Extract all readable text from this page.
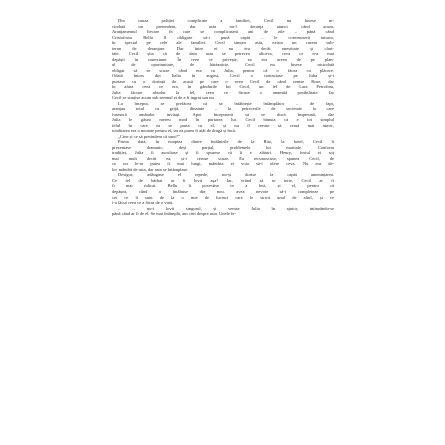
Din cauza poliției complicate a familiei, Cecil nu fusese ni-
ciodată un pretendent, dar asta nu-l deranja atunci când acum,
Aranjamentul fiecare în care se complicaseră ani de zile – până când
Cristoforus Bellu îl obligase să-i pună capăt – le conveniseră tuturor,
în special pe cele ale familiei. Cecil simțea asta, exista un curent sub-
teran de deranjare. Dar între ei nu era decât onestitate și clari-
tate. Cecil știa că de data asta se petrecea altceva, ceva ce n-a mai
depășit în conexiune. În ceea ce privește, ea era aceea de pe plan-
ul de oportunitate, de hărăznicie. Cecil nu fusese niciodată
obligat să se scuze când era cu Julia, pentru că o făcea cu plăcere.
Odată întors din Italia în august, Cecil o contactase pe Julia și-i
purtase cu o dorință de acasă pe care o avea Cecil de când venise Rose, dar
în afara ceea ce era, în gândurile lui Cecil, un fel de Lara Petrofina,
Julia făcuse absolut la fel, ceea ce făcuse o anumită posibilitate. Iar
Cecil se simțise acum sub semnul ei de a fi ingrat sau nu.
La început, se prefăcea că se întâlnește întâmplător – de fapt,
aranjau totul cu grijă, dinainte – la petrecerile de societate la care
fuseseră amândoi invitați. Apoi începuseră să se ducă împreună, dar
Julia le găsea mereu mod în purtarea lui. Cecil bănuia că e tot simplul
felul în care ea se purta cu el, și nu îl ceruse să ceară mai nimic,
totalitatea era o noutate pentru el, iar ea putea fi atât de dragă și încă.
„Cine și ce să pretindem că sunt?”
Prima dată, în noaptea dintre întâlnirile de la Ritz, la hotel, Cecil îi
prezentase dramatic, deși parțial, problemele lui maritale. Conform
tradiției, Julia îi ascultase și îi spusese că îi e alături. Henry, fostul ei soț
mai mult decât ea, și-i ceruse scuze. Ea recunoscuse, spunea Cecil, de
ce nu le-ar putea fi mai lungi, mândria ei voia să-i ofere ceva. Nu era de-
loc mândră de asta, dar asta se întâmplase.
Desigur, adăugase el repede, nu-și dorise la capăt amenințarea.
Ce fel de bărbat ar fi lovit așa? Iar, vrând să se ierte, Cecil ar fi
fi mai ridicat. Bellu îi povestise ce a fost, și el, pentru că
depășea, când o întâlnise din nou, avea nevoie să-i completeze pe
cei ce îi sunt de la o mie de lucruri care le strică unul de altul, și ce
i-a făcut ceea ce a făcut de o vină.
– ... nu-i lovit singurul, și venise Julia în ajutor, intinzându-se
până când ar fi de el. Se mai întâmplă, am citit despre asta. Unele fe-
